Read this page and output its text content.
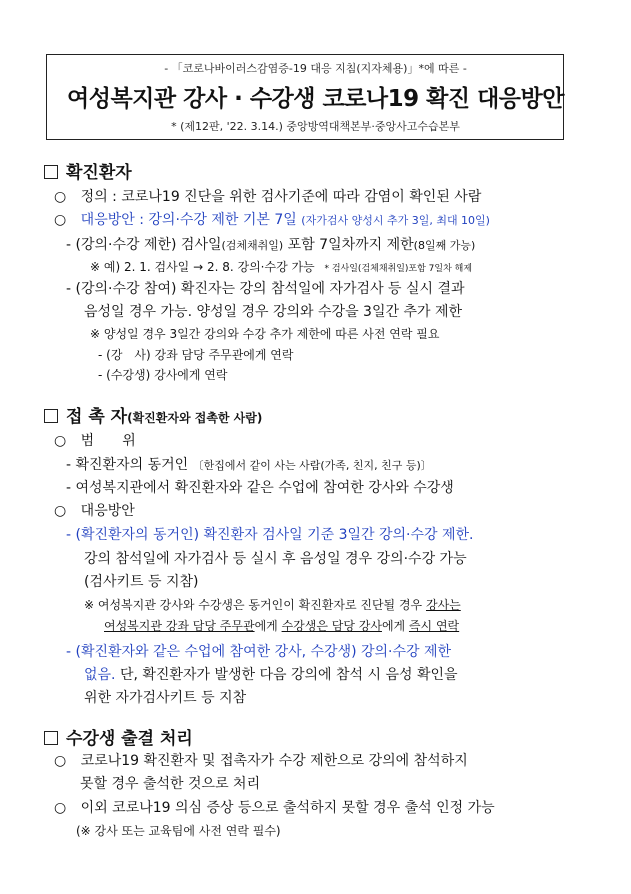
- 「코로나바이러스감염증-19 대응 지침(지자체용)」*에 따른 -
여성복지관 강사 · 수강생 코로나19 확진 대응방안
* (제12판, '22. 3.14.) 중앙방역대책본부·중앙사고수습본부
확진환자
○ 정의 : 코로나19 진단을 위한 검사기준에 따라 감염이 확인된 사람
○ 대응방안 : 강의·수강 제한 기본 7일 (자가검사 양성시 추가 3일, 최대 10일)
- (강의·수강 제한) 검사일(검체채취일) 포함 7일차까지 제한(8일째 가능)
※ 예) 2. 1. 검사일 → 2. 8. 강의·수강 가능 * 검사일(검체채취일)포함 7일차 해제
- (강의·수강 참여) 확진자는 강의 참석일에 자가검사 등 실시 결과
음성일 경우 가능. 양성일 경우 강의와 수강을 3일간 추가 제한
※ 양성일 경우 3일간 강의와 수강 추가 제한에 따른 사전 연락 필요
- (강　사) 강좌 담당 주무관에게 연락
- (수강생) 강사에게 연락
접 촉 자(확진환자와 접촉한 사람)
○ 범　　위
- 확진환자의 동거인 〔한집에서 같이 사는 사람(가족, 친지, 친구 등)〕
- 여성복지관에서 확진환자와 같은 수업에 참여한 강사와 수강생
○ 대응방안
- (확진환자의 동거인) 확진환자 검사일 기준 3일간 강의·수강 제한.
강의 참석일에 자가검사 등 실시 후 음성일 경우 강의·수강 가능
(검사키트 등 지참)
※ 여성복지관 강사와 수강생은 동거인이 확진환자로 진단될 경우 강사는
여성복지관 강좌 담당 주무관에게 수강생은 담당 강사에게 즉시 연락
- (확진환자와 같은 수업에 참여한 강사, 수강생) 강의·수강 제한
없음. 단, 확진환자가 발생한 다음 강의에 참석 시 음성 확인을
위한 자가검사키트 등 지참
수강생 출결 처리
○ 코로나19 확진환자 및 접촉자가 수강 제한으로 강의에 참석하지
못할 경우 출석한 것으로 처리
○ 이외 코로나19 의심 증상 등으로 출석하지 못할 경우 출석 인정 가능
(※ 강사 또는 교육팀에 사전 연락 필수)
